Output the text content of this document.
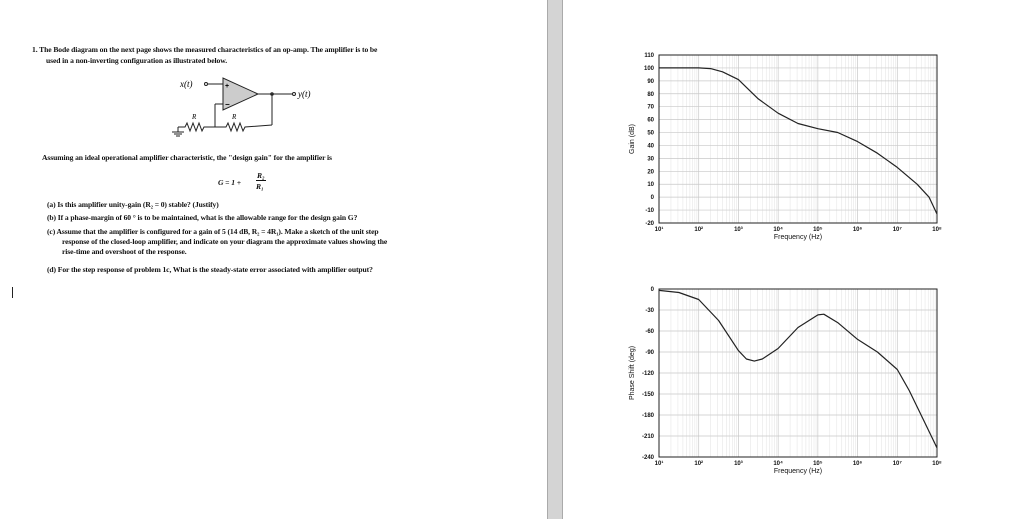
1. The Bode diagram on the next page shows the measured characteristics of an op-amp. The amplifier is to be
used in a non-inverting configuration as illustrated below.
x(t)
y(t)
R	R
+
−
Assuming an ideal operational amplifier characteristic, the "design gain" for the amplifier is
G = 1 +
R₂
R₁
(a) Is this amplifier unity-gain (R₂ = 0) stable? (Justify)
(b) If a phase-margin of 60 ° is to be maintained, what is the allowable range for the design gain G?
(c) Assume that the amplifier is configured for a gain of 5 (14 dB, R₂ = 4R₁). Make a sketch of the unit step
response of the closed-loop amplifier, and indicate on your diagram the approximate values showing the
rise-time and overshoot of the response.
(d) For the step response of problem 1c, What is the steady-state error associated with amplifier output?
10¹	10²	10³	10⁴	10⁵	10⁶	10⁷	10⁸
110
100
90
80
70
60
50
40
30
20
10
0
-10
-20
Frequency (Hz)
Gain (dB)
10¹	10²	10³	10⁴	10⁵	10⁶	10⁷	10⁸
0
-30
-60
-90
-120
-150
-180
-210
-240
Frequency (Hz)
Phase Shift (deg)
